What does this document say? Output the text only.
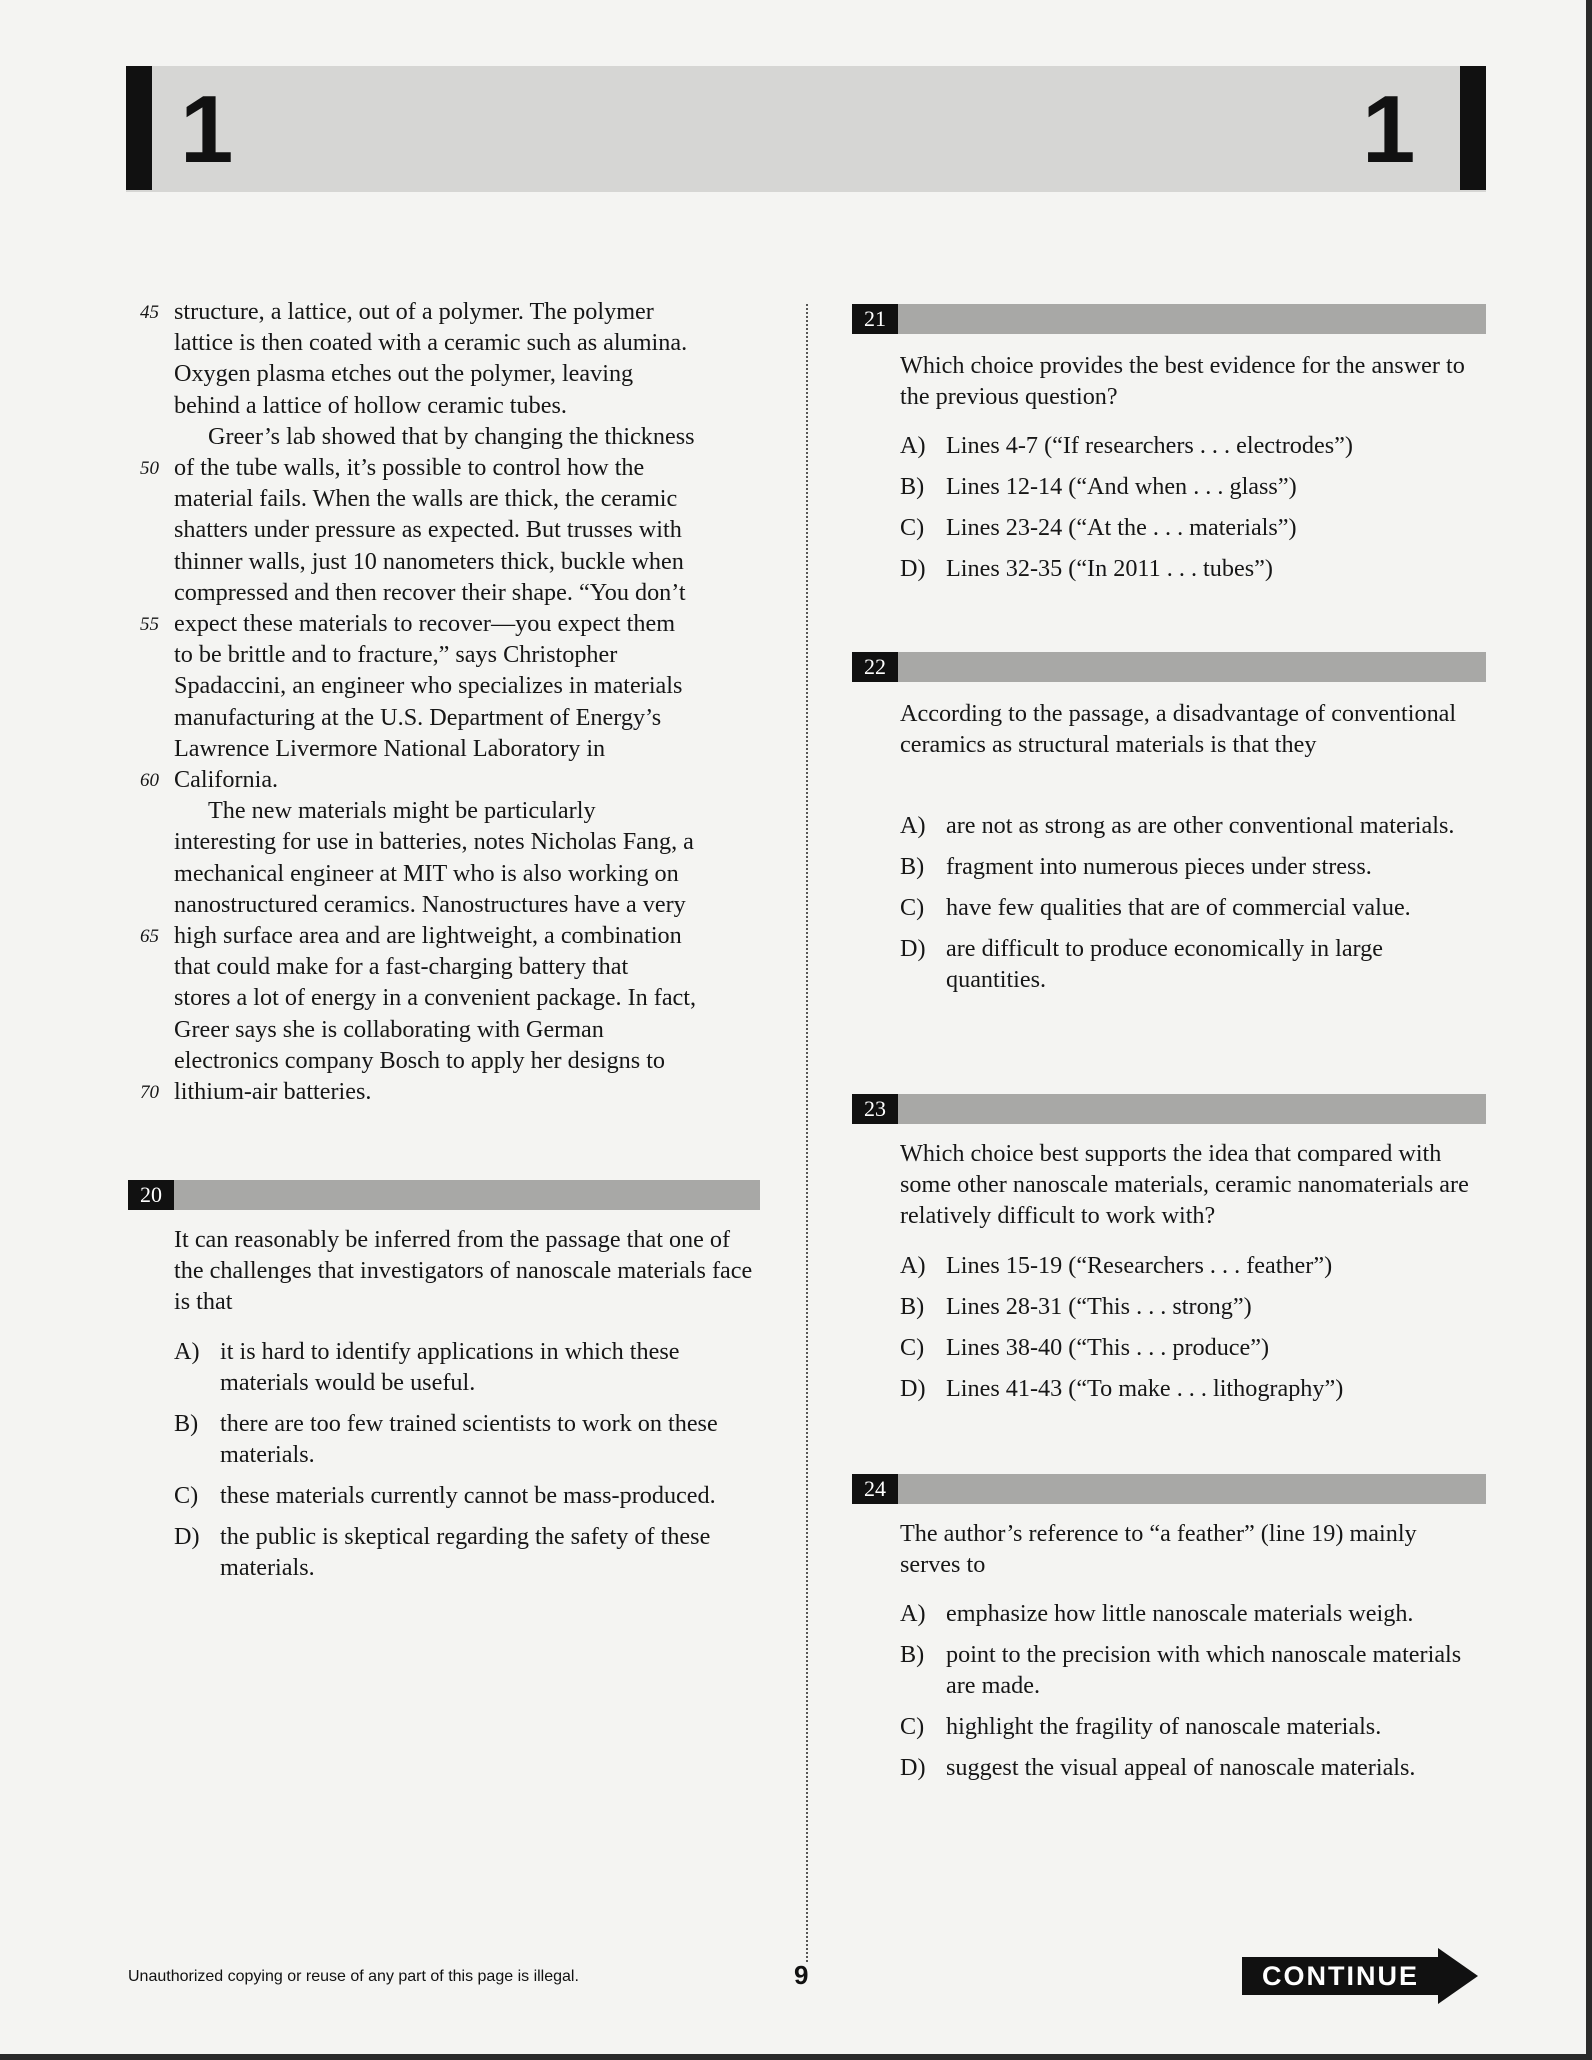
1	1
45 structure, a lattice, out of a polymer. The polymer
lattice is then coated with a ceramic such as alumina.
Oxygen plasma etches out the polymer, leaving
behind a lattice of hollow ceramic tubes.
Greer’s lab showed that by changing the thickness
50 of the tube walls, it’s possible to control how the
material fails. When the walls are thick, the ceramic
shatters under pressure as expected. But trusses with
thinner walls, just 10 nanometers thick, buckle when
compressed and then recover their shape. “You don’t
55 expect these materials to recover—you expect them
to be brittle and to fracture,” says Christopher
Spadaccini, an engineer who specializes in materials
manufacturing at the U.S. Department of Energy’s
Lawrence Livermore National Laboratory in
60 California.
The new materials might be particularly
interesting for use in batteries, notes Nicholas Fang, a
mechanical engineer at MIT who is also working on
nanostructured ceramics. Nanostructures have a very
65 high surface area and are lightweight, a combination
that could make for a fast-charging battery that
stores a lot of energy in a convenient package. In fact,
Greer says she is collaborating with German
electronics company Bosch to apply her designs to
70 lithium-air batteries.
20
It can reasonably be inferred from the passage that one of the challenges that investigators of nanoscale materials face is that
A) it is hard to identify applications in which these materials would be useful.
B) there are too few trained scientists to work on these materials.
C) these materials currently cannot be mass-produced.
D) the public is skeptical regarding the safety of these materials.
21
Which choice provides the best evidence for the answer to the previous question?
A) Lines 4-7 (“If researchers . . . electrodes”)
B) Lines 12-14 (“And when . . . glass”)
C) Lines 23-24 (“At the . . . materials”)
D) Lines 32-35 (“In 2011 . . . tubes”)
22
According to the passage, a disadvantage of conventional ceramics as structural materials is that they
A) are not as strong as are other conventional materials.
B) fragment into numerous pieces under stress.
C) have few qualities that are of commercial value.
D) are difficult to produce economically in large quantities.
23
Which choice best supports the idea that compared with some other nanoscale materials, ceramic nanomaterials are relatively difficult to work with?
A) Lines 15-19 (“Researchers . . . feather”)
B) Lines 28-31 (“This . . . strong”)
C) Lines 38-40 (“This . . . produce”)
D) Lines 41-43 (“To make . . . lithography”)
24
The author’s reference to “a feather” (line 19) mainly serves to
A) emphasize how little nanoscale materials weigh.
B) point to the precision with which nanoscale materials are made.
C) highlight the fragility of nanoscale materials.
D) suggest the visual appeal of nanoscale materials.
Unauthorized copying or reuse of any part of this page is illegal.	9	CONTINUE
